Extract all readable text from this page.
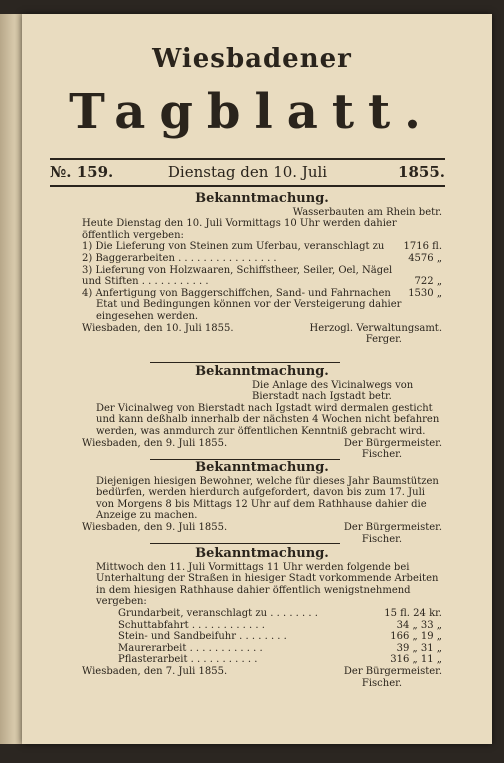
Wiesbadener
Tagblatt.
№. 159.	Dienstag den 10. Juli	1855.
Bekanntmachung.
Wasserbauten am Rhein betr.
Heute Dienstag den 10. Juli Vormittags 10 Uhr werden dahier öffentlich vergeben:
1) Die Lieferung von Steinen zum Uferbau, veranschlagt zu	1716 fl.
2) Baggerarbeiten . . . . . . . . . . . . . . . .	4576 „
3) Lieferung von Holzwaaren, Schiffstheer, Seiler, Oel, Nägel und Stiften . . . . . . . . . . .	722 „
4) Anfertigung von Baggerschiffchen, Sand- und Fahrnachen	1530 „
Etat und Bedingungen können vor der Versteigerung dahier eingesehen werden.
Wiesbaden, den 10. Juli 1855.	Herzogl. Verwaltungsamt.
Ferger.
Bekanntmachung.
Die Anlage des Vicinalwegs von Bierstadt nach Igstadt betr.
Der Vicinalweg von Bierstadt nach Igstadt wird dermalen gesticht und kann deßhalb innerhalb der nächsten 4 Wochen nicht befahren werden, was anmdurch zur öffentlichen Kenntniß gebracht wird.
Wiesbaden, den 9. Juli 1855.	Der Bürgermeister.
Fischer.
Bekanntmachung.
Diejenigen hiesigen Bewohner, welche für dieses Jahr Baumstützen bedürfen, werden hierdurch aufgefordert, davon bis zum 17. Juli von Morgens 8 bis Mittags 12 Uhr auf dem Rathhause dahier die Anzeige zu machen.
Wiesbaden, den 9. Juli 1855.	Der Bürgermeister.
Fischer.
Bekanntmachung.
Mittwoch den 11. Juli Vormittags 11 Uhr werden folgende bei Unterhaltung der Straßen in hiesiger Stadt vorkommende Arbeiten in dem hiesigen Rathhause dahier öffentlich wenigstnehmend vergeben:
Grundarbeit, veranschlagt zu . . . . . . . .	15 fl. 24 kr.
Schuttabfahrt . . . . . . . . . . . .	34 „ 33 „
Stein- und Sandbeifuhr . . . . . . . .	166 „ 19 „
Maurerarbeit . . . . . . . . . . . .	39 „ 31 „
Pflasterarbeit . . . . . . . . . . .	316 „ 11 „
Wiesbaden, den 7. Juli 1855.	Der Bürgermeister.
Fischer.
